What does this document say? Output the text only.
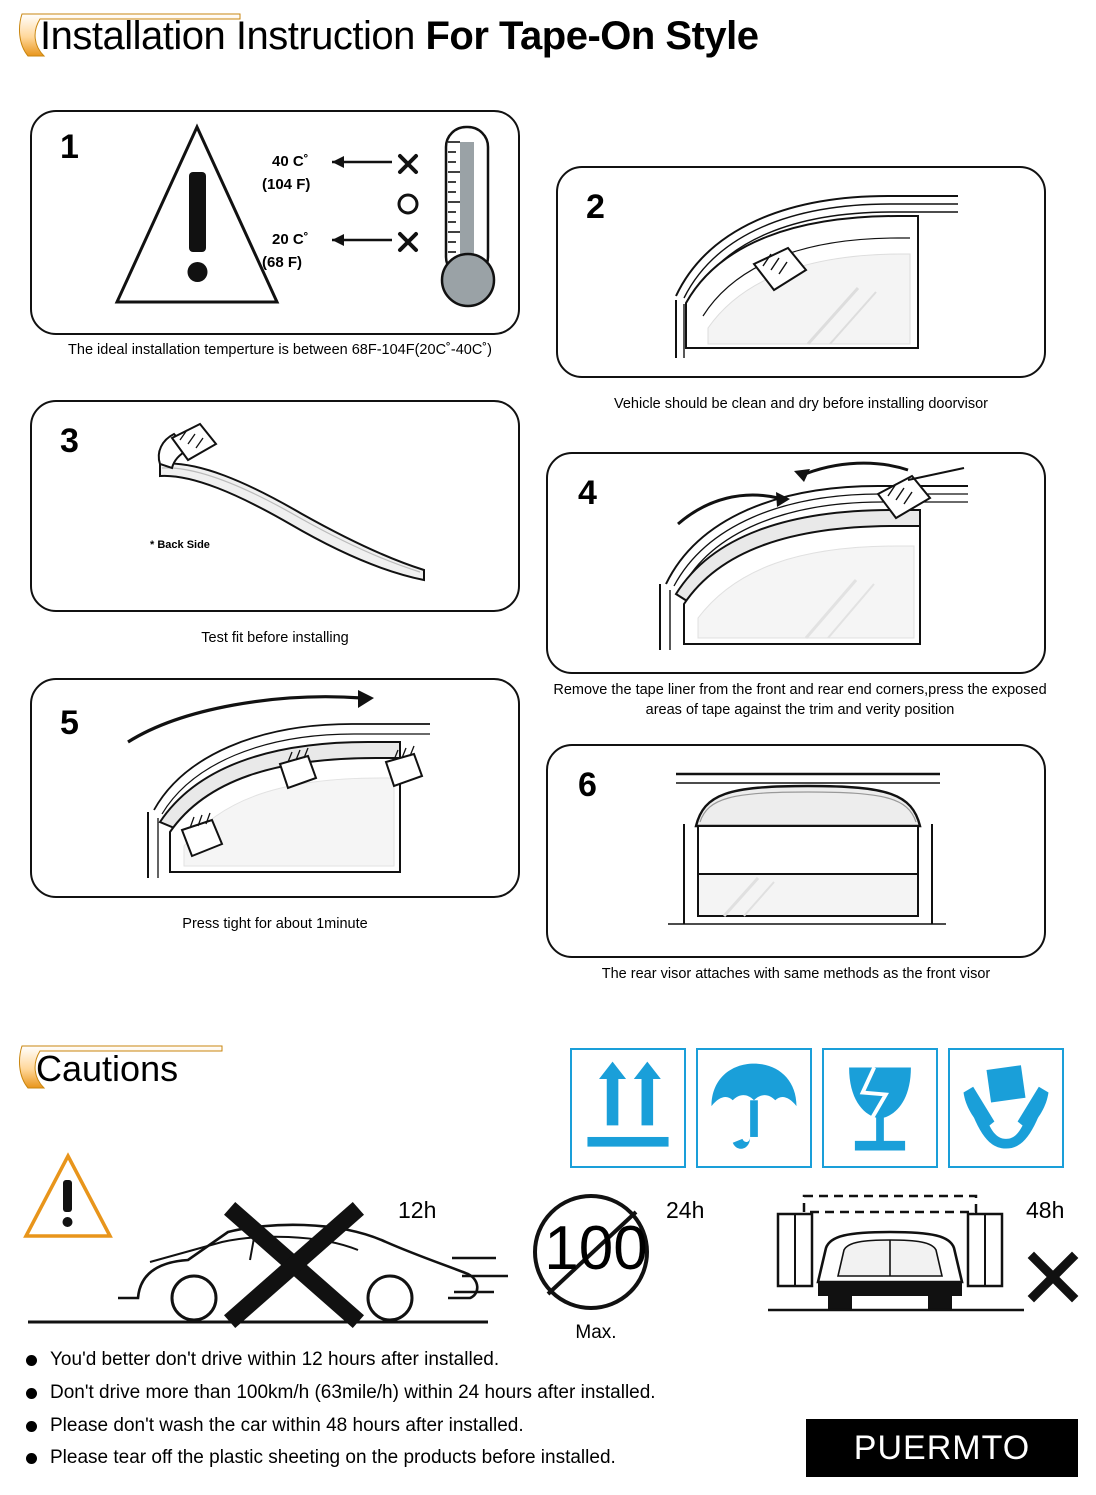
Installation Instruction For Tape-On Style
1	40 C˚
(104 F)
20 C˚
(68 F)
The ideal installation temperture is between 68F-104F(20C˚-40C˚)
2
Vehicle should be clean and dry before installing doorvisor
3
* Back Side
Test fit before installing
4
Remove the tape liner from the front and rear end corners,press the exposed areas of tape against the trim and verity position
5
Press tight for about 1minute
6
The rear visor attaches with same methods as the front visor
Cautions
12h
100
Max.
24h	48h
You'd better don't drive within 12 hours after installed.
Don't drive more than 100km/h (63mile/h) within 24 hours after installed.
Please don't wash the car within 48 hours after installed.
Please tear off the plastic sheeting on the products before installed.	PUERMTO
